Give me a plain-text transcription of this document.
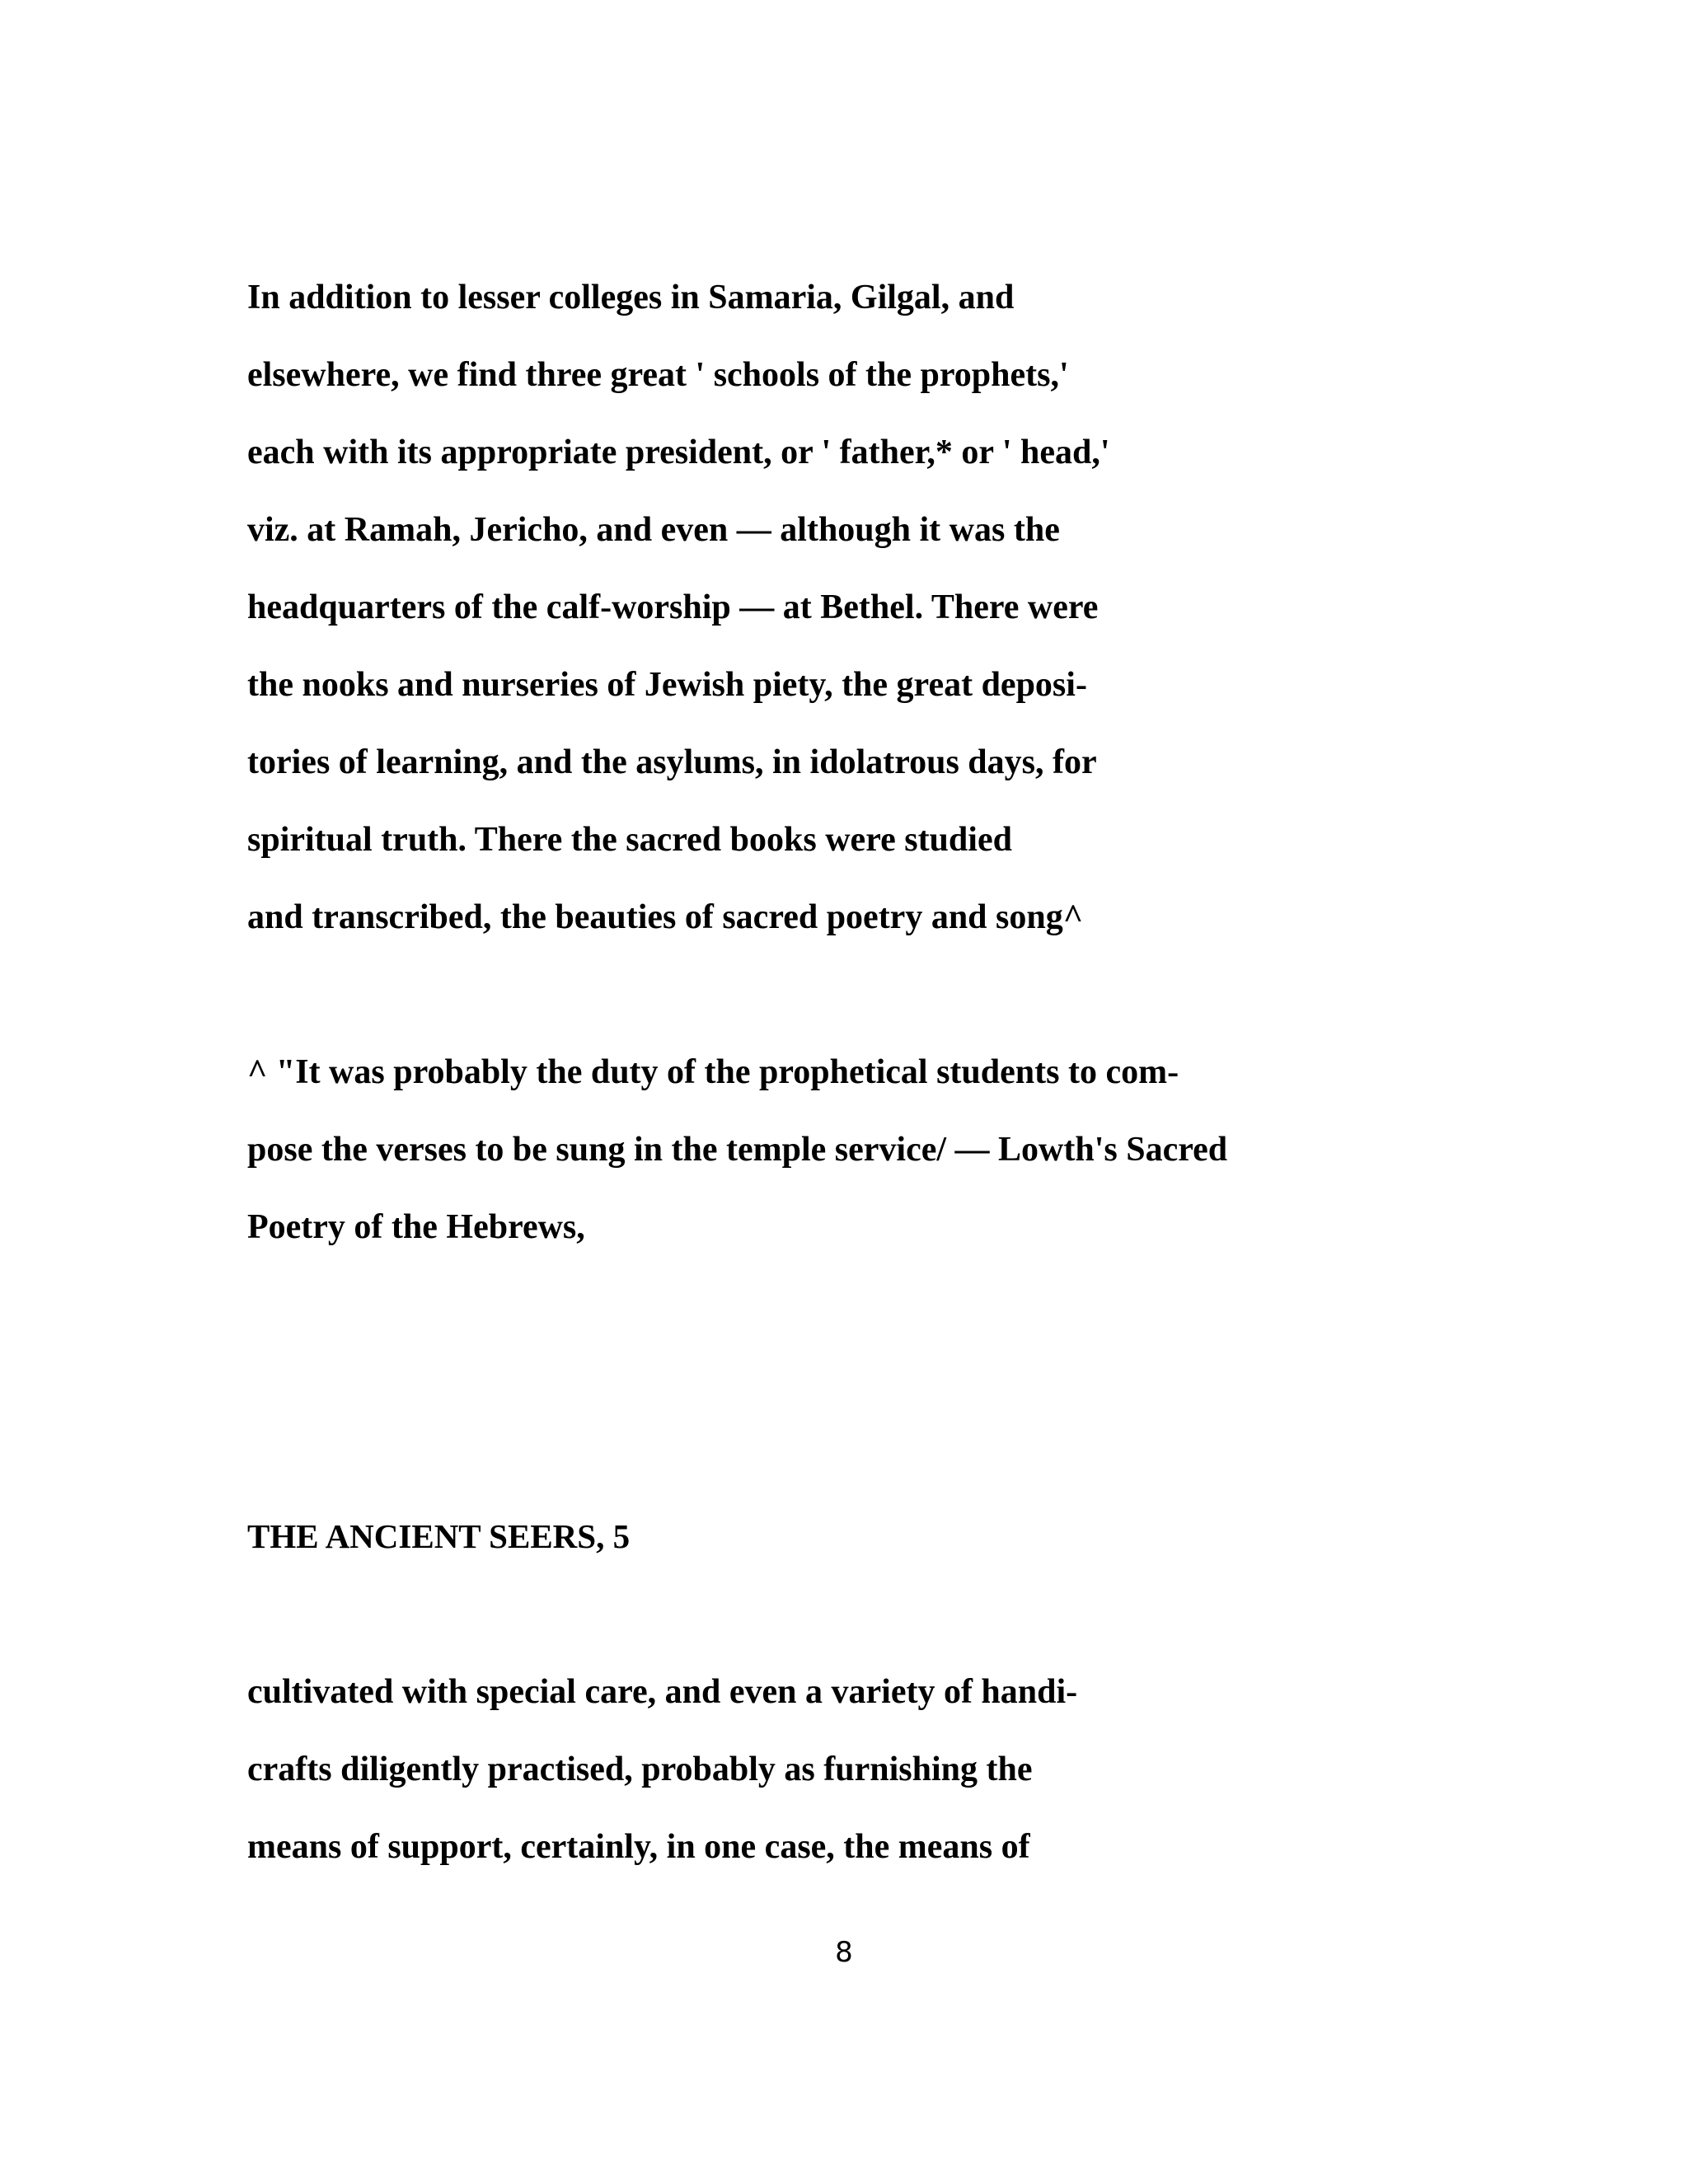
In addition to lesser colleges in Samaria, Gilgal, and
elsewhere, we find three great ' schools of the prophets,'
each with its appropriate president, or ' father,* or ' head,'
viz. at Ramah, Jericho, and even — although it was the
headquarters of the calf-worship — at Bethel. There were
the nooks and nurseries of Jewish piety, the great deposi-
tories of learning, and the asylums, in idolatrous days, for
spiritual truth. There the sacred books were studied
and transcribed, the beauties of sacred poetry and song^
^ "It was probably the duty of the prophetical students to com-
pose the verses to be sung in the temple service/ — Lowth's Sacred
Poetry of the Hebrews,
THE ANCIENT SEERS, 5
cultivated with special care, and even a variety of handi-
crafts diligently practised, probably as furnishing the
means of support, certainly, in one case, the means of
8
